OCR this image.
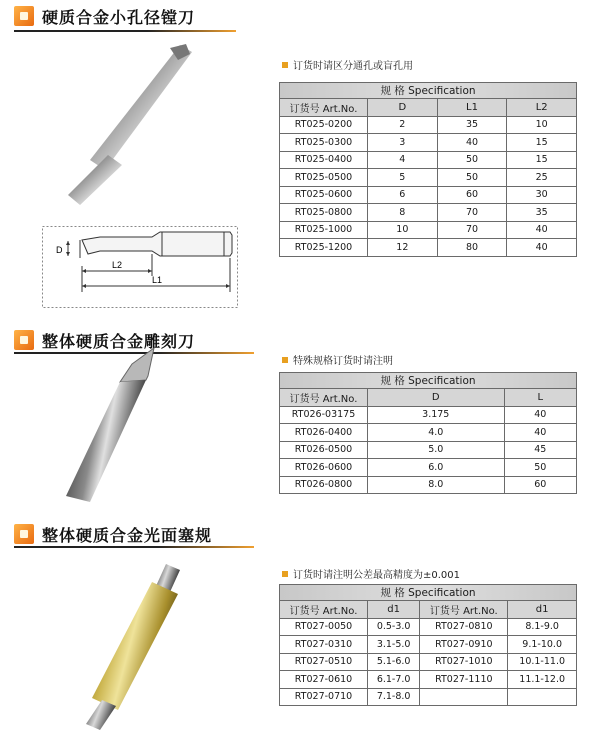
硬质合金小孔径镗刀
D
L2
L1
订货时请区分通孔或盲孔用
规 格 Specification			
订货号 Art.No.	D	L1	L2
RT025-0200	2	35	10
RT025-0300	3	40	15
RT025-0400	4	50	15
RT025-0500	5	50	25
RT025-0600	6	60	30
RT025-0800	8	70	35
RT025-1000	10	70	40
RT025-1200	12	80	40
整体硬质合金雕刻刀
特殊规格订货时请注明
规 格 Specification		
订货号 Art.No.	D	L
RT026-03175	3.175	40
RT026-0400	4.0	40
RT026-0500	5.0	45
RT026-0600	6.0	50
RT026-0800	8.0	60
整体硬质合金光面塞规
订货时请注明公差最高精度为±0.001
规 格 Specification			
订货号 Art.No.	d1	订货号 Art.No.	d1
RT027-0050	0.5-3.0	RT027-0810	8.1-9.0
RT027-0310	3.1-5.0	RT027-0910	9.1-10.0
RT027-0510	5.1-6.0	RT027-1010	10.1-11.0
RT027-0610	6.1-7.0	RT027-1110	11.1-12.0
RT027-0710	7.1-8.0		
